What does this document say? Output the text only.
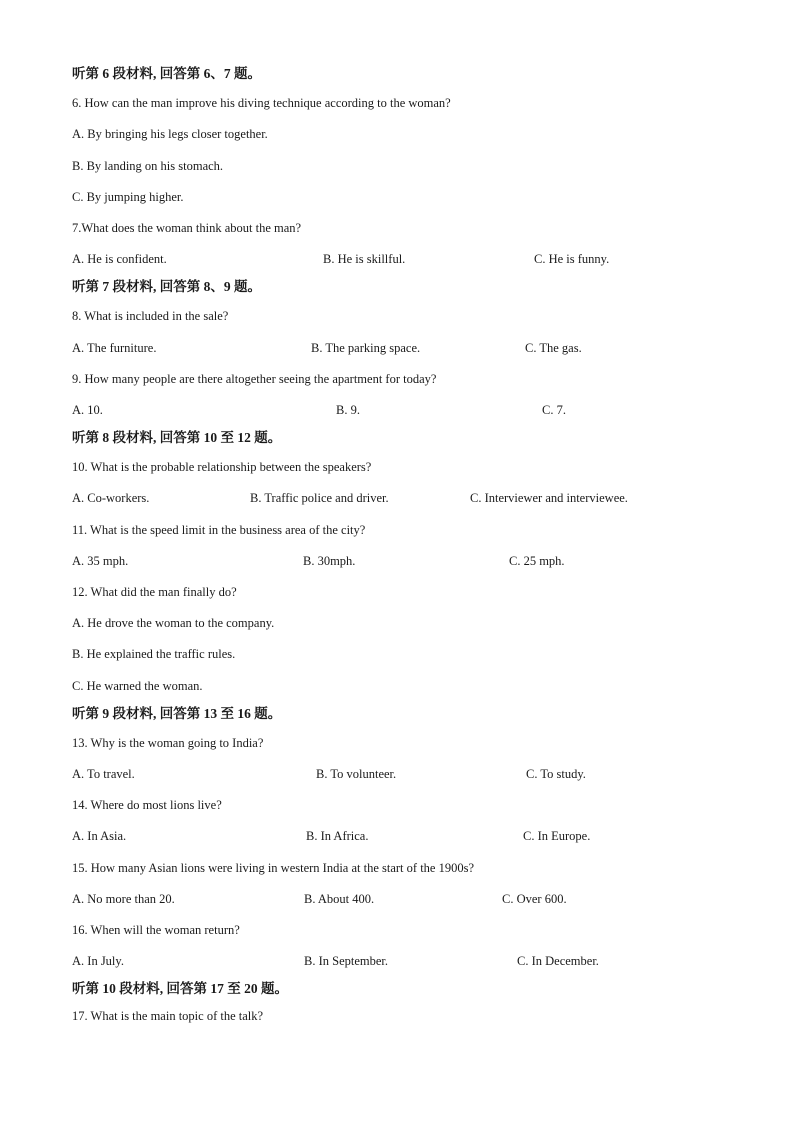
听第 6 段材料, 回答第 6、7 题。
6. How can the man improve his diving technique according to the woman?
A. By bringing his legs closer together.
B. By landing on his stomach.
C. By jumping higher.
7.What does the woman think about the man?
A. He is confident.	B. He is skillful.	C. He is funny.
听第 7 段材料, 回答第 8、9 题。
8. What is included in the sale?
A. The furniture.	B. The parking space.	C. The gas.
9. How many people are there altogether seeing the apartment for today?
A. 10.	B. 9.	C. 7.
听第 8 段材料, 回答第 10 至 12 题。
10. What is the probable relationship between the speakers?
A. Co-workers.	B. Traffic police and driver.	C. Interviewer and interviewee.
11. What is the speed limit in the business area of the city?
A. 35 mph.	B. 30mph.	C. 25 mph.
12. What did the man finally do?
A. He drove the woman to the company.
B. He explained the traffic rules.
C. He warned the woman.
听第 9 段材料, 回答第 13 至 16 题。
13. Why is the woman going to India?
A. To travel.	B. To volunteer.	C. To study.
14. Where do most lions live?
A. In Asia.	B. In Africa.	C. In Europe.
15. How many Asian lions were living in western India at the start of the 1900s?
A. No more than 20.	B. About 400.	C. Over 600.
16. When will the woman return?
A. In July.	B. In September.	C. In December.
听第 10 段材料, 回答第 17 至 20 题。
17. What is the main topic of the talk?
